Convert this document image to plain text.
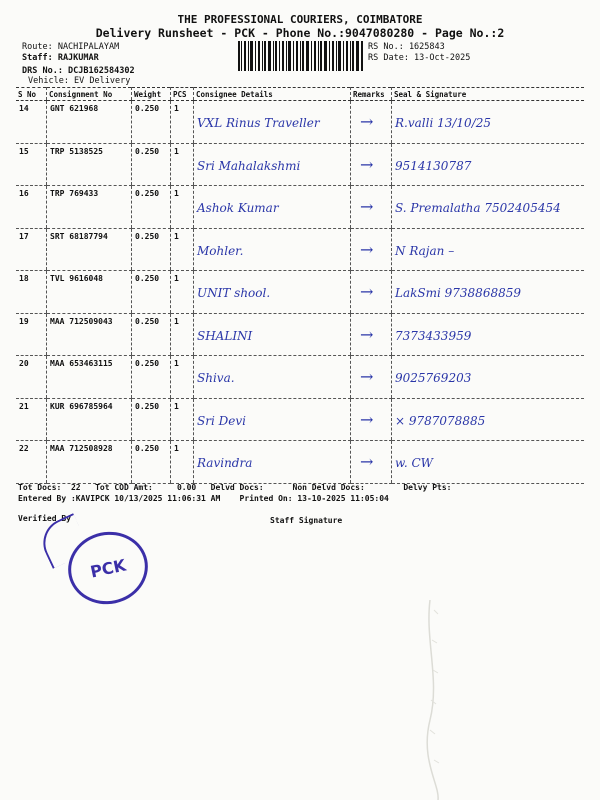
THE PROFESSIONAL COURIERS, COIMBATORE
Delivery Runsheet - PCK - Phone No.:9047080280 - Page No.:2
Route: NACHIPALAYAM
Staff: RAJKUMAR
DRS No.: DCJB162584302
Vehicle: EV Delivery
RS No.: 1625843
RS Date: 13-Oct-2025
S No	Consignment No	Weight	PCS	Consignee Details	Remarks	Seal & Signature
14	GNT 621968	0.250	1	VXL Rinus Traveller	→	R.valli 13/10/25
15	TRP 5138525	0.250	1	Sri Mahalakshmi	→	9514130787
16	TRP 769433	0.250	1	Ashok Kumar	→	S. Premalatha 7502405454
17	SRT 68187794	0.250	1	Mohler.	→	N Rajan –
18	TVL 9616048	0.250	1	UNIT shool.	→	LakSmi 9738868859
19	MAA 712509043	0.250	1	SHALINI	→	7373433959
20	MAA 653463115	0.250	1	Shiva.	→	9025769203
21	KUR 696785964	0.250	1	Sri Devi	→	× 9787078885
22	MAA 712508928	0.250	1	Ravindra	→	w. CW
Tot Docs:  22   Tot COD Amt:     0.00   Delvd Docs:      Non Delvd Docs:        Delvy Pts:
Entered By :KAVIPCK 10/13/2025 11:06:31 AM    Printed On: 13-10-2025 11:05:04
Verified By	Staff Signature
PCK
